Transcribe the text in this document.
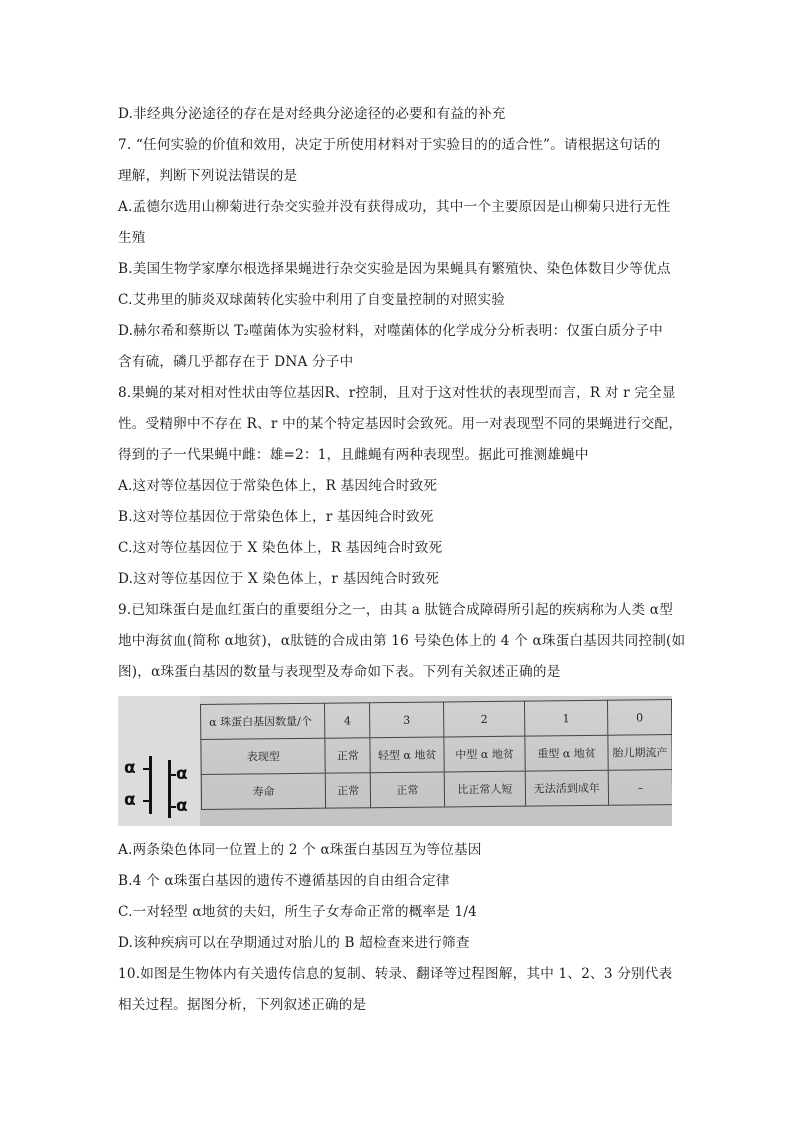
D.非经典分泌途径的存在是对经典分泌途径的必要和有益的补充
7. “任何实验的价值和效用，决定于所使用材料对于实验目的的适合性”。请根据这句话的
理解，判断下列说法错误的是
A.孟德尔选用山柳菊进行杂交实验并没有获得成功，其中一个主要原因是山柳菊只进行无性
生殖
B.美国生物学家摩尔根选择果蝇进行杂交实验是因为果蝇具有繁殖快、染色体数目少等优点
C.艾弗里的肺炎双球菌转化实验中利用了自变量控制的对照实验
D.赫尔希和蔡斯以 T₂噬菌体为实验材料，对噬菌体的化学成分分析表明：仅蛋白质分子中
含有硫，磷几乎都存在于 DNA 分子中
8.果蝇的某对相对性状由等位基因R、r控制，且对于这对性状的表现型而言，R 对 r 完全显
性。受精卵中不存在 R、r 中的某个特定基因时会致死。用一对表现型不同的果蝇进行交配，
得到的子一代果蝇中雌：雄=2：1，且雌蝇有两种表现型。据此可推测雄蝇中
A.这对等位基因位于常染色体上，R 基因纯合时致死
B.这对等位基因位于常染色体上，r 基因纯合时致死
C.这对等位基因位于 X 染色体上，R 基因纯合时致死
D.这对等位基因位于 X 染色体上，r 基因纯合时致死
9.已知珠蛋白是血红蛋白的重要组分之一，由其 a 肽链合成障碍所引起的疾病称为人类 α型
地中海贫血(简称 α地贫)，α肽链的合成由第 16 号染色体上的 4 个 α珠蛋白基因共同控制(如
图)，α珠蛋白基因的数量与表现型及寿命如下表。下列有关叙述正确的是
α
α
α
α
α 珠蛋白基因数量/个	4	3	2	1	0
表现型	正常	轻型 α 地贫	中型 α 地贫	重型 α 地贫	胎儿期流产
寿命	正常	正常	比正常人短	无法活到成年	–
A.两条染色体同一位置上的 2 个 α珠蛋白基因互为等位基因
B.4 个 α珠蛋白基因的遗传不遵循基因的自由组合定律
C.一对轻型 α地贫的夫妇，所生子女寿命正常的概率是 1/4
D.该种疾病可以在孕期通过对胎儿的 B 超检查来进行筛查
10.如图是生物体内有关遗传信息的复制、转录、翻译等过程图解，其中 1、2、3 分别代表
相关过程。据图分析，下列叙述正确的是
